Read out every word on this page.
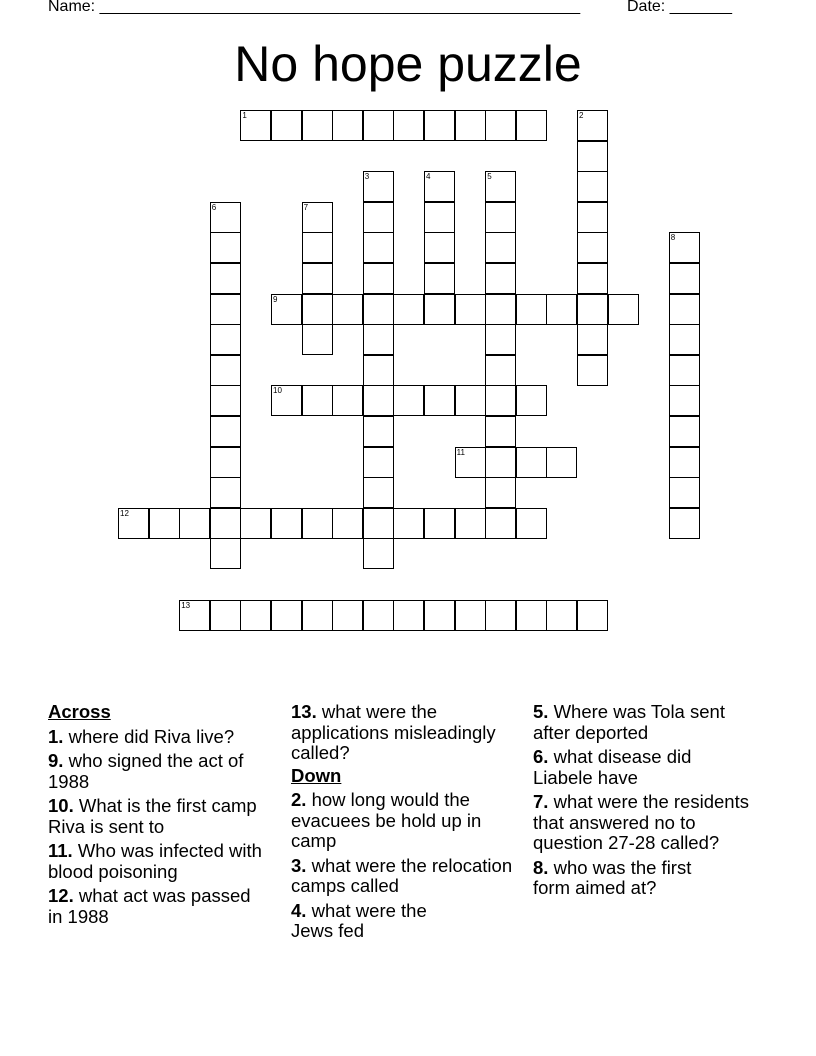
Name: ______________________________________________________	Date: _______
No hope puzzle
1	2
3	4	5
6	7
8
9
10
11
12
13
Across
1. where did Riva live?
9. who signed the act of 1988
10. What is the first camp Riva is sent to
11. Who was infected with blood poisoning
12. what act was passed in 1988
13. what were the applications misleadingly called?
Down
2. how long would the evacuees be hold up in camp
3. what were the relocation camps called
4. what were the Jews fed
5. Where was Tola sent after deported
6. what disease did Liabele have
7. what were the residents that answered no to question 27-28 called?
8. who was the first form aimed at?
